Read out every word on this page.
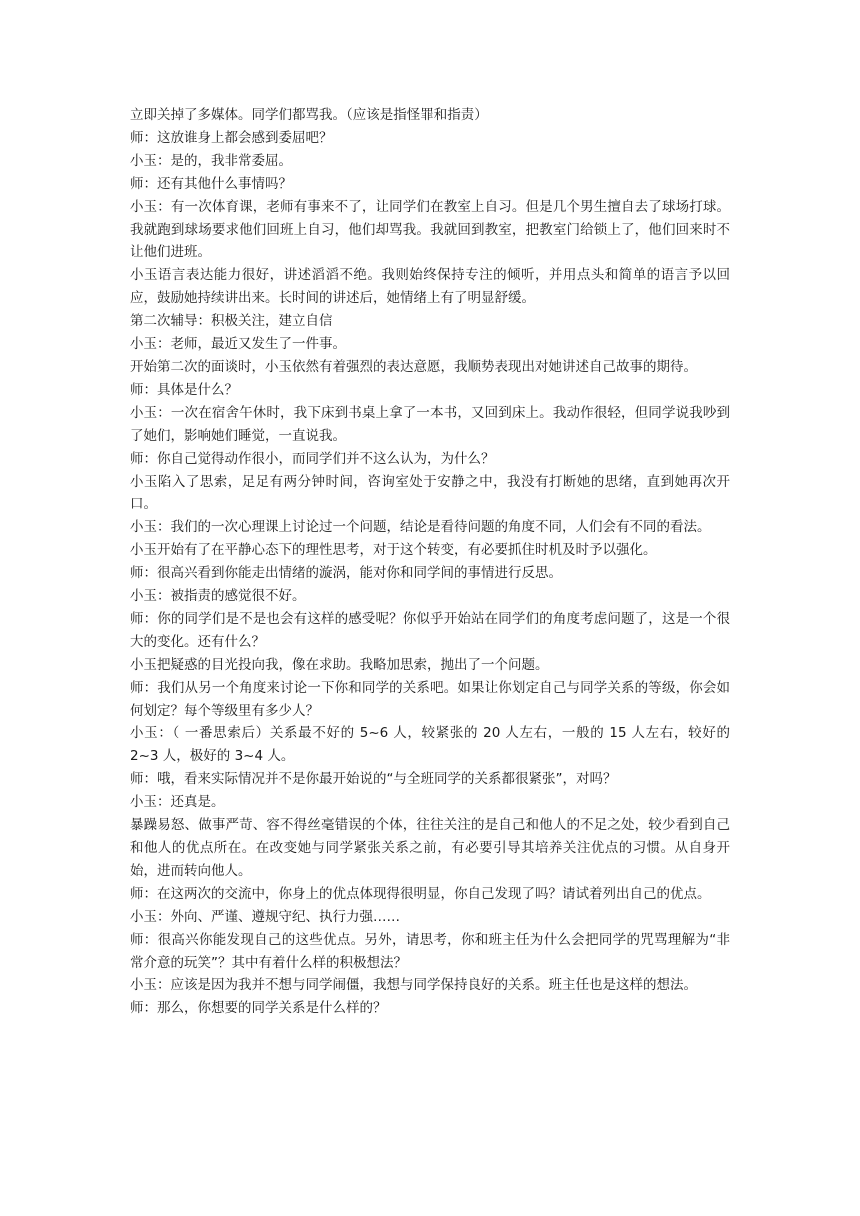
立即关掉了多媒体。同学们都骂我。（应该是指怪罪和指责）

师：这放谁身上都会感到委屈吧？

小玉：是的，我非常委屈。

师：还有其他什么事情吗？

小玉：有一次体育课，老师有事来不了，让同学们在教室上自习。但是几个男生擅自去了球场打球。我就跑到球场要求他们回班上自习，他们却骂我。我就回到教室，把教室门给锁上了，他们回来时不让他们进班。

小玉语言表达能力很好，讲述滔滔不绝。我则始终保持专注的倾听，并用点头和简单的语言予以回应，鼓励她持续讲出来。长时间的讲述后，她情绪上有了明显舒缓。

第二次辅导：积极关注，建立自信

小玉：老师，最近又发生了一件事。

开始第二次的面谈时，小玉依然有着强烈的表达意愿，我顺势表现出对她讲述自己故事的期待。

师：具体是什么？

小玉：一次在宿舍午休时，我下床到书桌上拿了一本书，又回到床上。我动作很轻，但同学说我吵到了她们，影响她们睡觉，一直说我。

师：你自己觉得动作很小，而同学们并不这么认为，为什么？

小玉陷入了思索，足足有两分钟时间，咨询室处于安静之中，我没有打断她的思绪，直到她再次开口。

小玉：我们的一次心理课上讨论过一个问题，结论是看待问题的角度不同，人们会有不同的看法。

小玉开始有了在平静心态下的理性思考，对于这个转变，有必要抓住时机及时予以强化。

师：很高兴看到你能走出情绪的漩涡，能对你和同学间的事情进行反思。

小玉：被指责的感觉很不好。

师：你的同学们是不是也会有这样的感受呢？你似乎开始站在同学们的角度考虑问题了，这是一个很大的变化。还有什么？

小玉把疑惑的目光投向我，像在求助。我略加思索，抛出了一个问题。

师：我们从另一个角度来讨论一下你和同学的关系吧。如果让你划定自己与同学关系的等级，你会如何划定？每个等级里有多少人？

小玉：（ 一番思索后）关系最不好的 5~6 人，较紧张的 20 人左右，一般的 15 人左右，较好的 2~3 人，极好的 3~4 人。

师：哦，看来实际情况并不是你最开始说的“与全班同学的关系都很紧张”，对吗？

小玉：还真是。

暴躁易怒、做事严苛、容不得丝毫错误的个体，往往关注的是自己和他人的不足之处，较少看到自己和他人的优点所在。在改变她与同学紧张关系之前，有必要引导其培养关注优点的习惯。从自身开始，进而转向他人。

师：在这两次的交流中，你身上的优点体现得很明显，你自己发现了吗？请试着列出自己的优点。

小玉：外向、严谨、遵规守纪、执行力强……

师：很高兴你能发现自己的这些优点。另外，请思考，你和班主任为什么会把同学的咒骂理解为“非常介意的玩笑”？其中有着什么样的积极想法？

小玉：应该是因为我并不想与同学闹僵，我想与同学保持良好的关系。班主任也是这样的想法。

师：那么，你想要的同学关系是什么样的？
